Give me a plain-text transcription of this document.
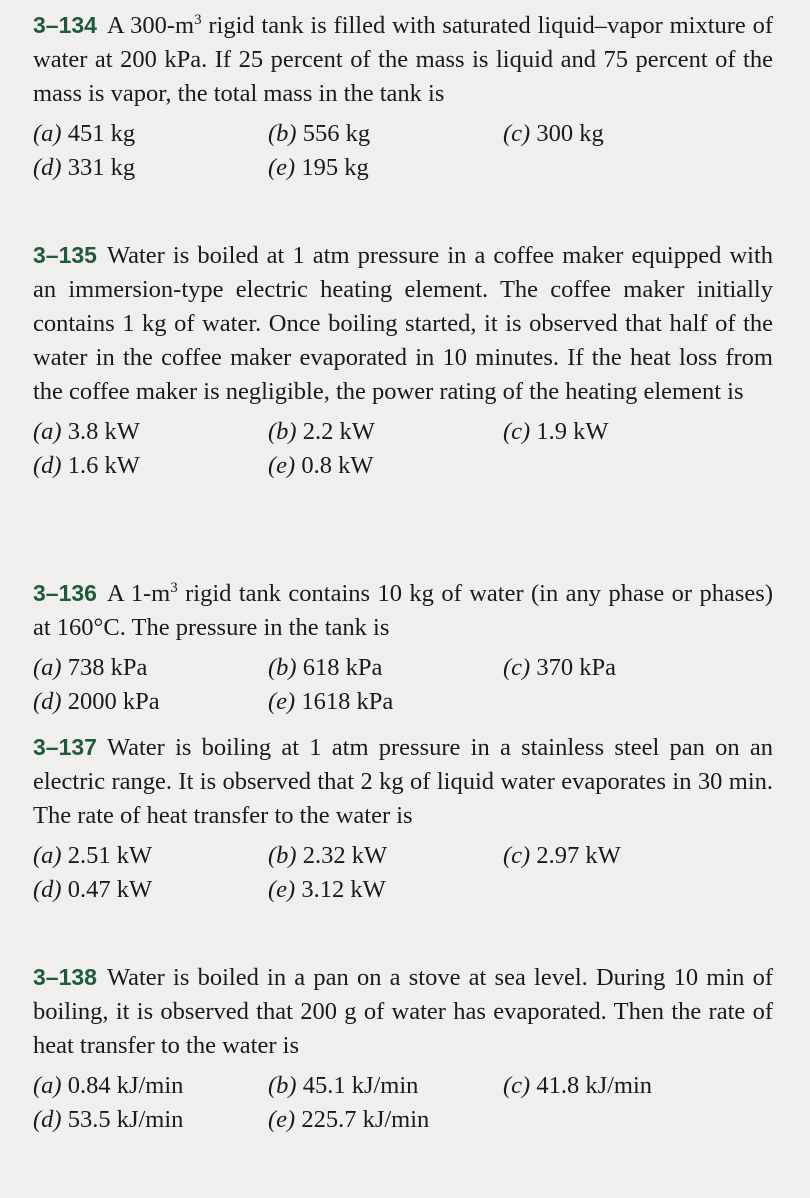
3–134 A $300-m^3$ rigid tank is filled with saturated liquid–vapor mixture of water at 200 kPa. If 25 percent of the mass is liquid and 75 percent of the mass is vapor, the total mass in the tank is

(a) 451 kg	(b) 556 kg	(c) 300 kg
(d) 331 kg	(e) 195 kg

3–135 Water is boiled at 1 atm pressure in a coffee maker equipped with an immersion-type electric heating element. The coffee maker initially contains 1 kg of water. Once boiling started, it is observed that half of the water in the coffee maker evaporated in 10 minutes. If the heat loss from the coffee maker is negligible, the power rating of the heating element is

(a) 3.8 kW	(b) 2.2 kW	(c) 1.9 kW
(d) 1.6 kW	(e) 0.8 kW

3–136 A $1-m^3$ rigid tank contains 10 kg of water (in any phase or phases) at 160°C. The pressure in the tank is

(a) 738 kPa	(b) 618 kPa	(c) 370 kPa
(d) 2000 kPa	(e) 1618 kPa

3–137 Water is boiling at 1 atm pressure in a stainless steel pan on an electric range. It is observed that 2 kg of liquid water evaporates in 30 min. The rate of heat transfer to the water is

(a) 2.51 kW	(b) 2.32 kW	(c) 2.97 kW
(d) 0.47 kW	(e) 3.12 kW

3–138 Water is boiled in a pan on a stove at sea level. During 10 min of boiling, it is observed that 200 g of water has evaporated. Then the rate of heat transfer to the water is

(a) 0.84 kJ/min	(b) 45.1 kJ/min	(c) 41.8 kJ/min
(d) 53.5 kJ/min	(e) 225.7 kJ/min
